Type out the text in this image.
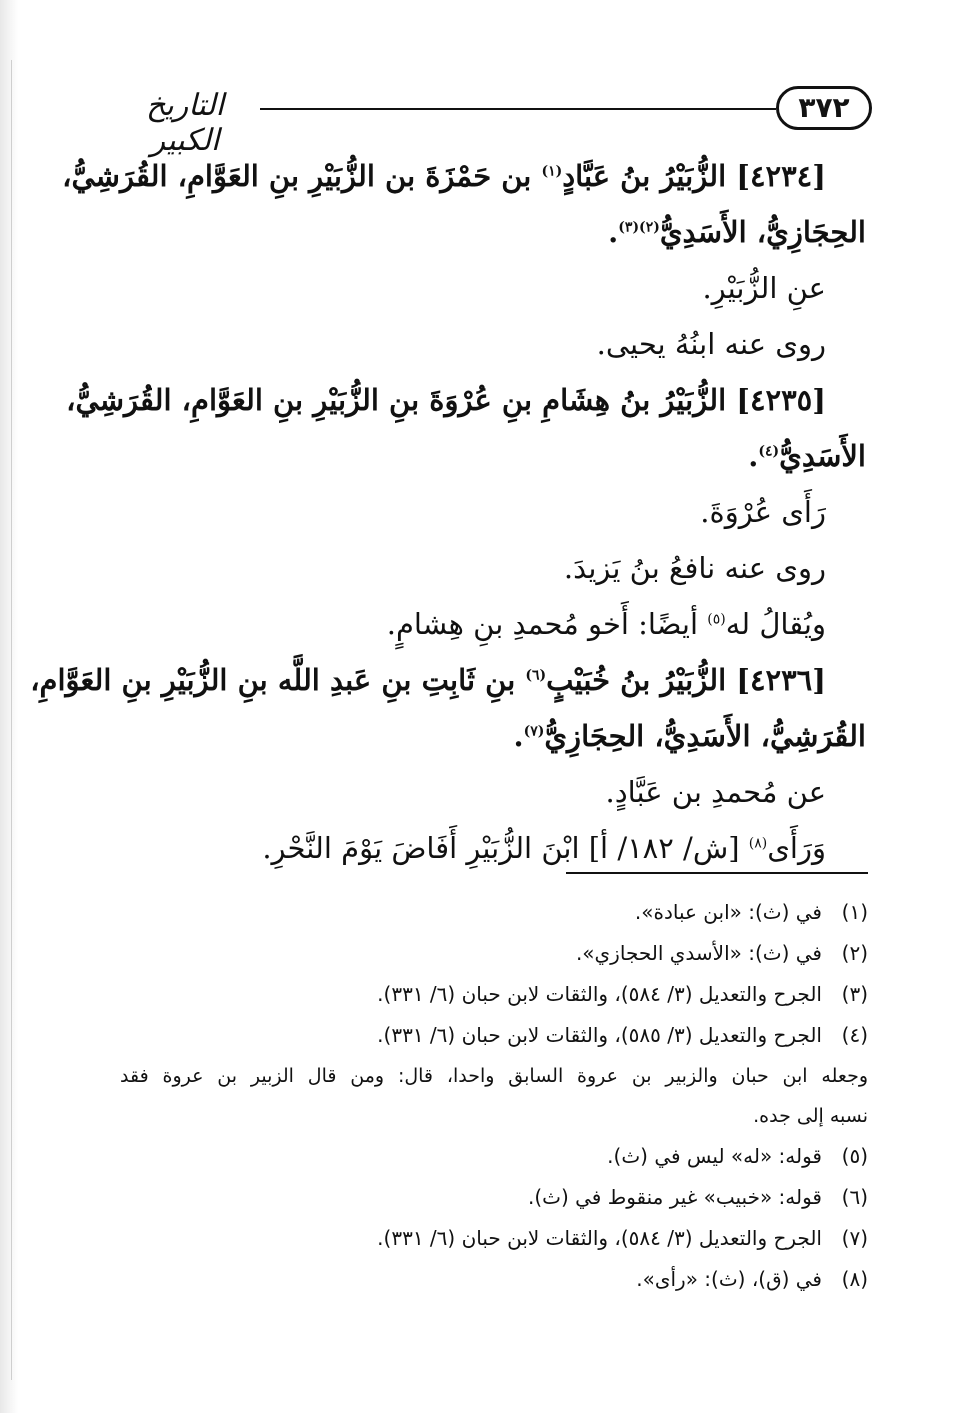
٣٧٢
التاريخ الكبير
[٤٢٣٤] الزُّبَيْرُ بنُ عَبَّادٍ$^{(١)}$ بن حَمْزَةَ بن الزُّبَيْرِ بنِ العَوَّامِ، القُرَشِيُّ،
الحِجَازِيُّ، الأَسَدِيُّ$^{(٢)(٣)}$.
عنِ الزُّبَيْرِ.
روى عنه ابنُهُ يحيى.
[٤٢٣٥] الزُّبَيْرُ بنُ هِشَامِ بنِ عُرْوَةَ بنِ الزُّبَيْرِ بنِ العَوَّامِ، القُرَشِيُّ،
الأَسَدِيُّ$^{(٤)}$.
رَأَى عُرْوَةَ.
روى عنه نافعُ بنُ يَزيدَ.
ويُقالُ له$^{(٥)}$ أيضًا: أَخو مُحمدِ بنِ هِشامٍ.
[٤٢٣٦] الزُّبَيْرُ بنُ خُبَيْبٍ$^{(٦)}$ بنِ ثَابِتِ بنِ عَبدِ اللَّه بنِ الزُّبَيْرِ بنِ العَوَّامِ،
القُرَشِيُّ، الأَسَدِيُّ، الحِجَازِيُّ$^{(٧)}$.
عن مُحمدِ بن عَبَّادٍ.
وَرَأَى$^{(٨)}$ [ش/ ١٨٢/ أ] ابْنَ الزُّبَيْرِ أَفَاضَ يَوْمَ النَّحْرِ.
(١)في (ث): «ابن عبادة».
(٢)في (ث): «الأسدي الحجازي».
(٣)الجرح والتعديل (٣/ ٥٨٤)، والثقات لابن حبان (٦/ ٣٣١).
(٤)الجرح والتعديل (٣/ ٥٨٥)، والثقات لابن حبان (٦/ ٣٣١).
وجعله ابن حبان والزبير بن عروة السابق واحدا، قال: ومن قال الزبير بن عروة فقد
نسبه إلى جده.
(٥)قوله: «له» ليس في (ث).
(٦)قوله: «خبيب» غير منقوط في (ث).
(٧)الجرح والتعديل (٣/ ٥٨٤)، والثقات لابن حبان (٦/ ٣٣١).
(٨)في (ق)، (ث): «رأى».
